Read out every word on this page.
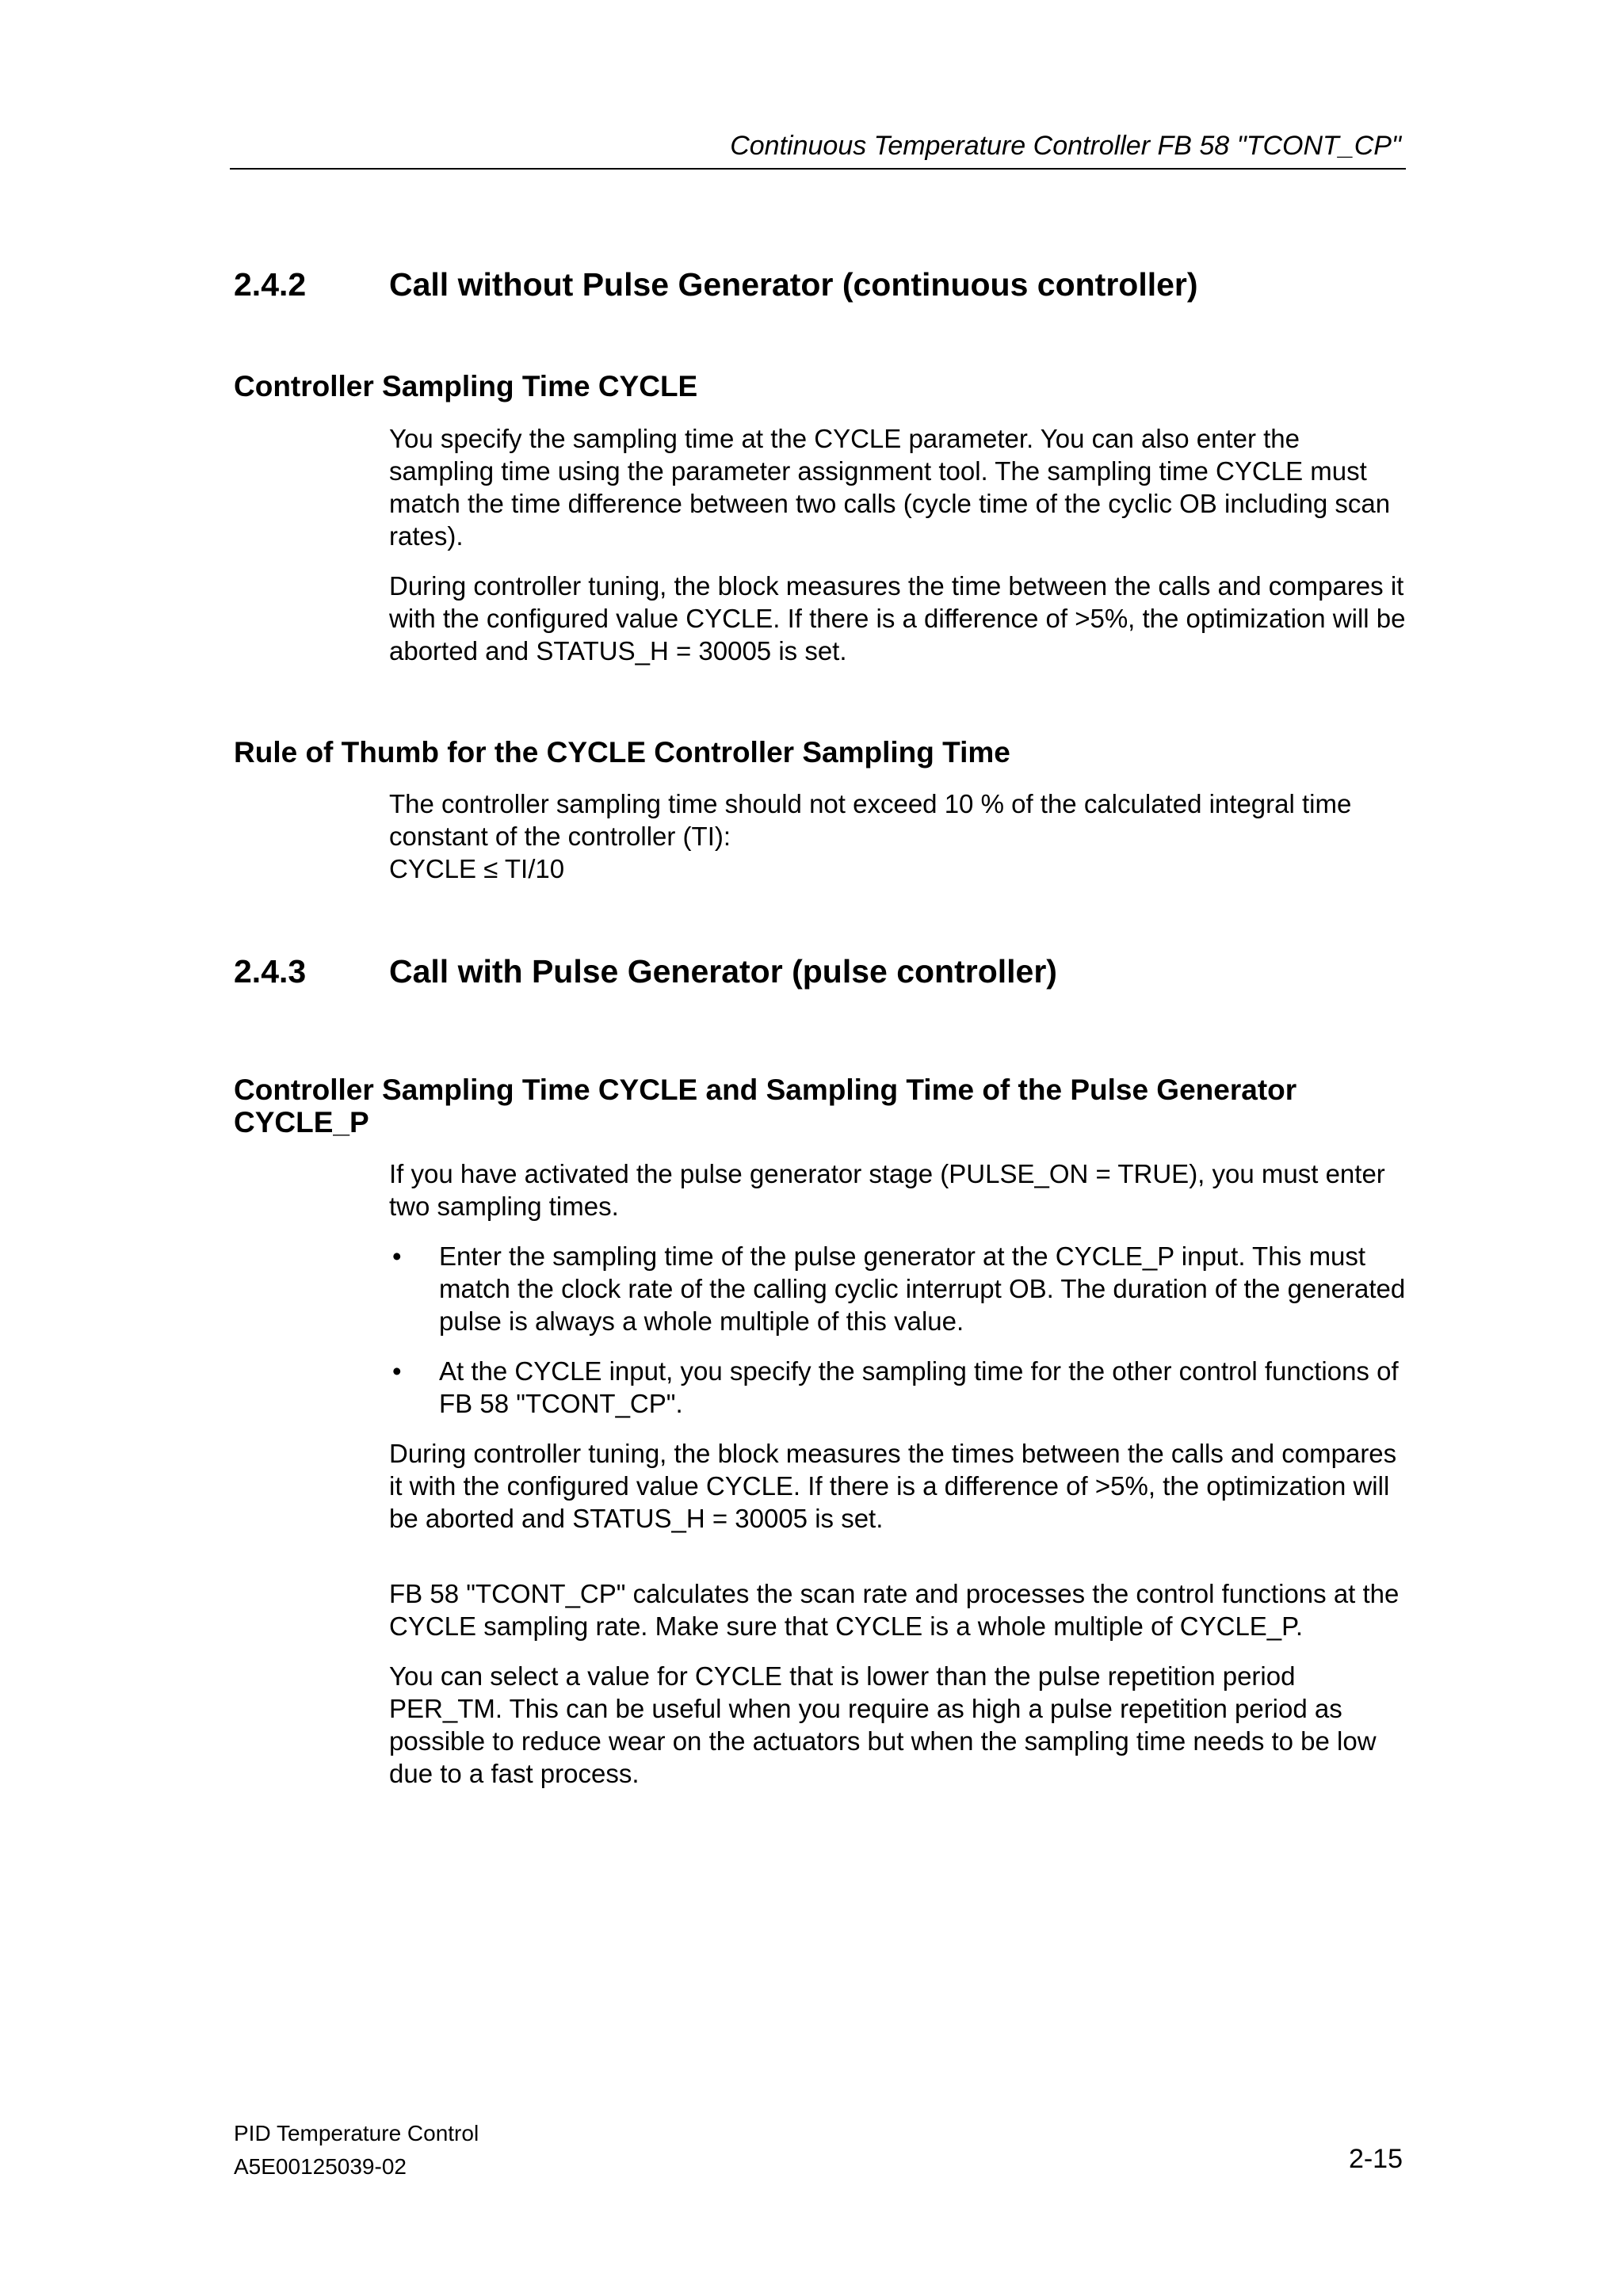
Continuous Temperature Controller FB 58 "TCONT_CP"
2.4.2	Call without Pulse Generator (continuous controller)
Controller Sampling Time CYCLE

You specify the sampling time at the CYCLE parameter. You can also enter the sampling time using the parameter assignment tool. The sampling time CYCLE must match the time difference between two calls (cycle time of the cyclic OB including scan rates).

During controller tuning, the block measures the time between the calls and compares it with the configured value CYCLE. If there is a difference of >5%, the optimization will be aborted and STATUS_H = 30005 is set.

Rule of Thumb for the CYCLE Controller Sampling Time
The controller sampling time should not exceed 10 % of the calculated integral time constant of the controller (TI):
CYCLE ≤ TI/10
2.4.3	Call with Pulse Generator (pulse controller)
Controller Sampling Time CYCLE and Sampling Time of the Pulse Generator CYCLE_P

If you have activated the pulse generator stage (PULSE_ON = TRUE), you must enter two sampling times.

• Enter the sampling time of the pulse generator at the CYCLE_P input. This must match the clock rate of the calling cyclic interrupt OB. The duration of the generated pulse is always a whole multiple of this value.
• At the CYCLE input, you specify the sampling time for the other control functions of FB 58 "TCONT_CP".

During controller tuning, the block measures the times between the calls and compares it with the configured value CYCLE. If there is a difference of >5%, the optimization will be aborted and STATUS_H = 30005 is set.

FB 58 "TCONT_CP" calculates the scan rate and processes the control functions at the CYCLE sampling rate. Make sure that CYCLE is a whole multiple of CYCLE_P.

You can select a value for CYCLE that is lower than the pulse repetition period PER_TM. This can be useful when you require as high a pulse repetition period as possible to reduce wear on the actuators but when the sampling time needs to be low due to a fast process.

PID Temperature Control
A5E00125039-02	2-15
